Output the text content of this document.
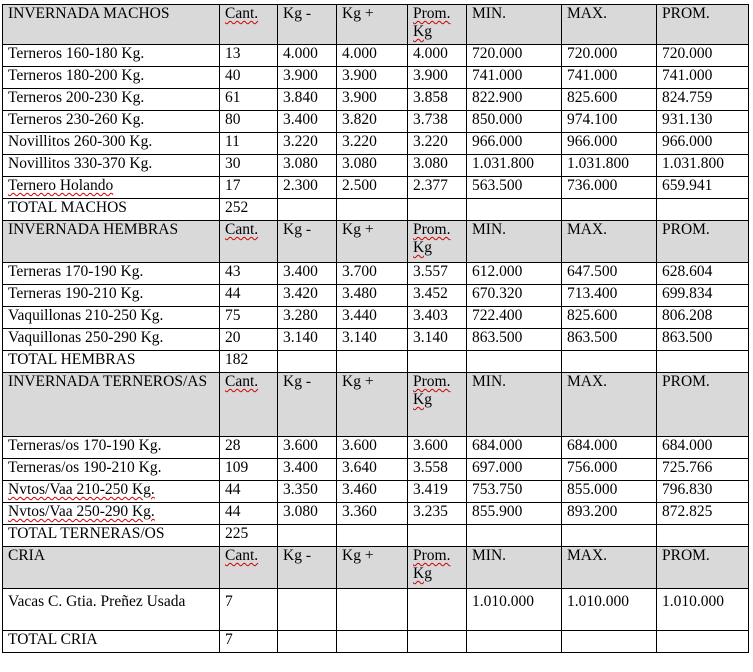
INVERNADA MACHOS	Cant.	Kg -	Kg +	Prom. Kg	MIN.	MAX.	PROM.
Terneros 160-180 Kg.	13	4.000	4.000	4.000	720.000	720.000	720.000
Terneros 180-200 Kg.	40	3.900	3.900	3.900	741.000	741.000	741.000
Terneros 200-230 Kg.	61	3.840	3.900	3.858	822.900	825.600	824.759
Terneros 230-260 Kg.	80	3.400	3.820	3.738	850.000	974.100	931.130
Novillitos 260-300 Kg.	11	3.220	3.220	3.220	966.000	966.000	966.000
Novillitos 330-370 Kg.	30	3.080	3.080	3.080	1.031.800	1.031.800	1.031.800
Ternero Holando	17	2.300	2.500	2.377	563.500	736.000	659.941
TOTAL MACHOS	252						
INVERNADA HEMBRAS	Cant.	Kg -	Kg +	Prom. Kg	MIN.	MAX.	PROM.
Terneras 170-190 Kg.	43	3.400	3.700	3.557	612.000	647.500	628.604
Terneras 190-210 Kg.	44	3.420	3.480	3.452	670.320	713.400	699.834
Vaquillonas 210-250 Kg.	75	3.280	3.440	3.403	722.400	825.600	806.208
Vaquillonas 250-290 Kg.	20	3.140	3.140	3.140	863.500	863.500	863.500
TOTAL HEMBRAS	182						
INVERNADA TERNEROS/AS	Cant.	Kg -	Kg +	Prom. Kg	MIN.	MAX.	PROM.
Terneras/os 170-190 Kg.	28	3.600	3.600	3.600	684.000	684.000	684.000
Terneras/os 190-210 Kg.	109	3.400	3.640	3.558	697.000	756.000	725.766
Nvtos/Vaa 210-250 Kg.	44	3.350	3.460	3.419	753.750	855.000	796.830
Nvtos/Vaa 250-290 Kg.	44	3.080	3.360	3.235	855.900	893.200	872.825
TOTAL TERNERAS/OS	225						
CRIA	Cant.	Kg -	Kg +	Prom. Kg	MIN.	MAX.	PROM.
Vacas C. Gtia. Preñez Usada	7				1.010.000	1.010.000	1.010.000
TOTAL CRIA	7						
